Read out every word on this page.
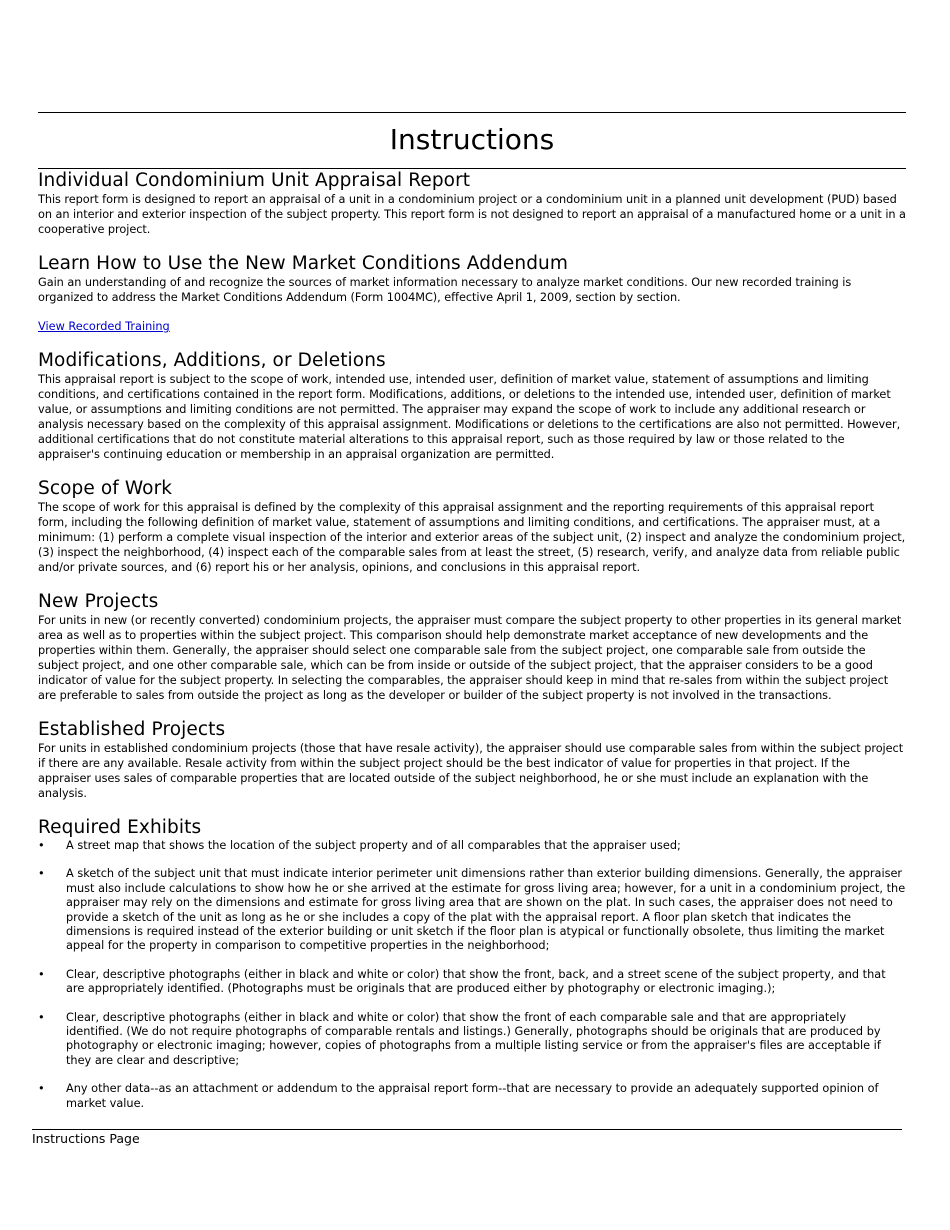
Instructions
Individual Condominium Unit Appraisal Report

This report form is designed to report an appraisal of a unit in a condominium project or a condominium unit in a planned unit development (PUD) based on an interior and exterior inspection of the subject property. This report form is not designed to report an appraisal of a manufactured home or a unit in a cooperative project.

Learn How to Use the New Market Conditions Addendum

Gain an understanding of and recognize the sources of market information necessary to analyze market conditions. Our new recorded training is organized to address the Market Conditions Addendum (Form 1004MC), effective April 1, 2009, section by section.

View Recorded Training
Modifications, Additions, or Deletions

This appraisal report is subject to the scope of work, intended use, intended user, definition of market value, statement of assumptions and limiting conditions, and certifications contained in the report form. Modifications, additions, or deletions to the intended use, intended user, definition of market value, or assumptions and limiting conditions are not permitted. The appraiser may expand the scope of work to include any additional research or analysis necessary based on the complexity of this appraisal assignment. Modifications or deletions to the certifications are also not permitted. However, additional certifications that do not constitute material alterations to this appraisal report, such as those required by law or those related to the appraiser's continuing education or membership in an appraisal organization are permitted.

Scope of Work

The scope of work for this appraisal is defined by the complexity of this appraisal assignment and the reporting requirements of this appraisal report form, including the following definition of market value, statement of assumptions and limiting conditions, and certifications. The appraiser must, at a minimum: (1) perform a complete visual inspection of the interior and exterior areas of the subject unit, (2) inspect and analyze the condominium project, (3) inspect the neighborhood, (4) inspect each of the comparable sales from at least the street, (5) research, verify, and analyze data from reliable public and/or private sources, and (6) report his or her analysis, opinions, and conclusions in this appraisal report.

New Projects

For units in new (or recently converted) condominium projects, the appraiser must compare the subject property to other properties in its general market area as well as to properties within the subject project. This comparison should help demonstrate market acceptance of new developments and the properties within them. Generally, the appraiser should select one comparable sale from the subject project, one comparable sale from outside the subject project, and one other comparable sale, which can be from inside or outside of the subject project, that the appraiser considers to be a good indicator of value for the subject property. In selecting the comparables, the appraiser should keep in mind that re-sales from within the subject project are preferable to sales from outside the project as long as the developer or builder of the subject property is not involved in the transactions.

Established Projects

For units in established condominium projects (those that have resale activity), the appraiser should use comparable sales from within the subject project if there are any available. Resale activity from within the subject project should be the best indicator of value for properties in that project. If the appraiser uses sales of comparable properties that are located outside of the subject neighborhood, he or she must include an explanation with the analysis.

Required Exhibits
• A street map that shows the location of the subject property and of all comparables that the appraiser used;
• A sketch of the subject unit that must indicate interior perimeter unit dimensions rather than exterior building dimensions. Generally, the appraiser must also include calculations to show how he or she arrived at the estimate for gross living area; however, for a unit in a condominium project, the appraiser may rely on the dimensions and estimate for gross living area that are shown on the plat. In such cases, the appraiser does not need to provide a sketch of the unit as long as he or she includes a copy of the plat with the appraisal report. A floor plan sketch that indicates the dimensions is required instead of the exterior building or unit sketch if the floor plan is atypical or functionally obsolete, thus limiting the market appeal for the property in comparison to competitive properties in the neighborhood;
• Clear, descriptive photographs (either in black and white or color) that show the front, back, and a street scene of the subject property, and that are appropriately identified. (Photographs must be originals that are produced either by photography or electronic imaging.);
• Clear, descriptive photographs (either in black and white or color) that show the front of each comparable sale and that are appropriately identified. (We do not require photographs of comparable rentals and listings.) Generally, photographs should be originals that are produced by photography or electronic imaging; however, copies of photographs from a multiple listing service or from the appraiser's files are acceptable if they are clear and descriptive;
• Any other data--as an attachment or addendum to the appraisal report form--that are necessary to provide an adequately supported opinion of market value.
Instructions Page
